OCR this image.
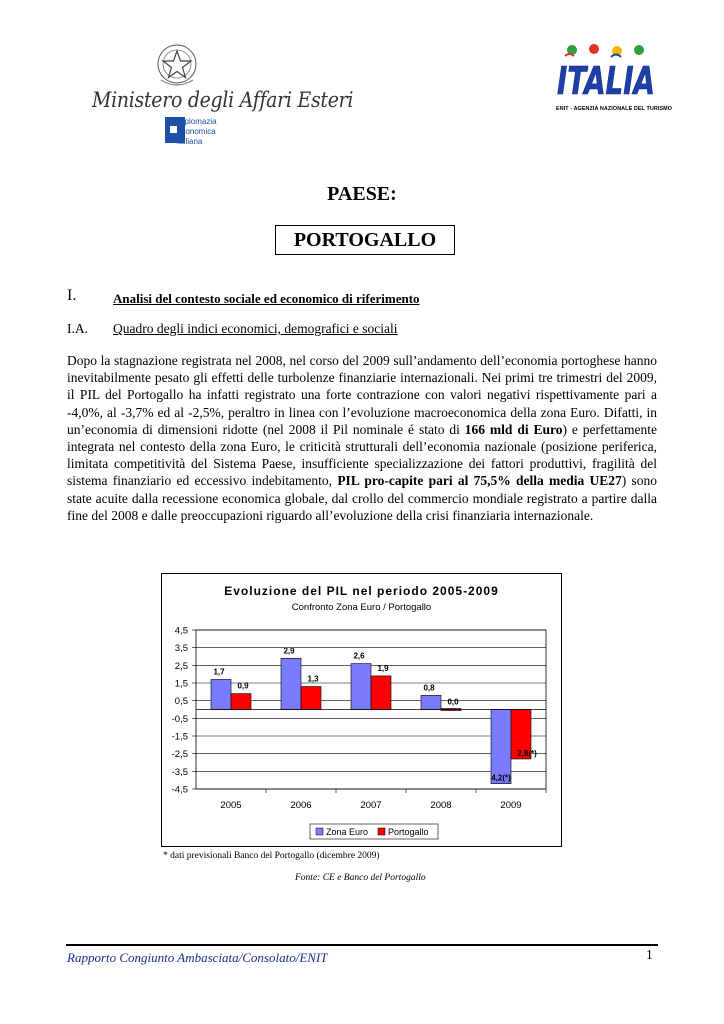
Ministero degli Affari Esteri
Diplomazia
economica
italiana
ITALIA
ENIT - AGENZIA NAZIONALE DEL TURISMO
PAESE:
PORTOGALLO
I.	Analisi del contesto sociale ed economico di riferimento
I.A. Quadro degli indici economici, demografici e sociali
Dopo la stagnazione registrata nel 2008, nel corso del 2009 sull’andamento dell’economia portoghese hanno inevitabilmente pesato gli effetti delle turbolenze finanziarie internazionali. Nei primi tre trimestri del 2009, il PIL del Portogallo ha infatti registrato una forte contrazione con valori negativi rispettivamente pari a -4,0%, al -3,7% ed al -2,5%, peraltro in linea con l’evoluzione macroeconomica della zona Euro. Difatti, in un’economia di dimensioni ridotte (nel 2008 il Pil nominale é stato di 166 mld di Euro) e perfettamente integrata nel contesto della zona Euro, le criticità strutturali dell’economia nazionale (posizione periferica, limitata competitività del Sistema Paese, insufficiente specializzazione dei fattori produttivi, fragilità del sistema finanziario ed eccessivo indebitamento, PIL pro-capite pari al 75,5% della media UE27) sono state acuite dalla recessione economica globale, dal crollo del commercio mondiale registrato a partire dalla fine del 2008 e dalle preoccupazioni riguardo all’evoluzione della crisi finanziaria internazionale.
Evoluzione del PIL nel periodo 2005-2009
Confronto Zona Euro / Portogallo
4,5
3,5
2,5
1,5
0,5
-0,5
-1,5
-2,5
-3,5
-4,5
2005
1,7
0,9
2006
2,9
1,3
2007
2,6
1,9
2008
0,8
0,0
2009
4,2(*)
2,8(*)
Zona Euro Portogallo
* dati previsionali Banco del Portogallo (dicembre 2009)
Fonte: CE e Banco del Portogallo
Rapporto Congiunto Ambasciata/Consolato/ENIT	1
